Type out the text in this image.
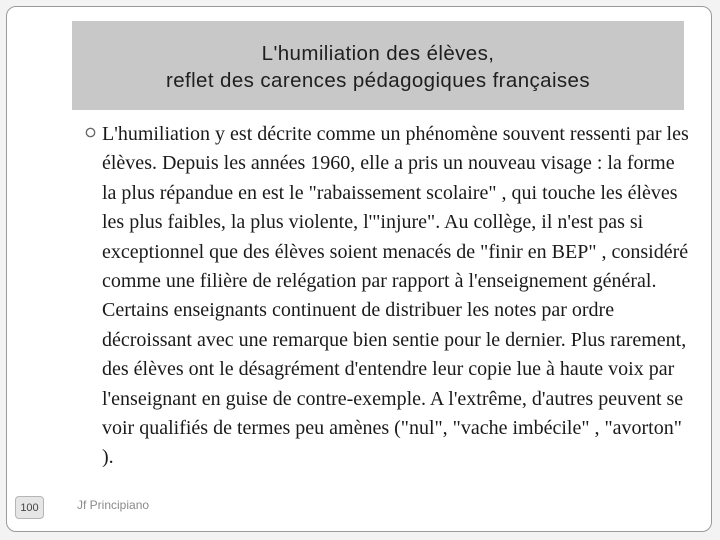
L'humiliation des élèves,
reflet des carences pédagogiques françaises
L'humiliation y est décrite comme un phénomène souvent ressenti par les élèves. Depuis les années 1960, elle a pris un nouveau visage : la forme la plus répandue en est le "rabaissement scolaire" , qui touche les élèves les plus faibles, la plus violente, l'"injure". Au collège, il n'est pas si exceptionnel que des élèves soient menacés de "finir en BEP" , considéré comme une filière de relégation par rapport à l'enseignement général. Certains enseignants continuent de distribuer les notes par ordre décroissant avec une remarque bien sentie pour le dernier. Plus rarement, des élèves ont le désagrément d'entendre leur copie lue à haute voix par l'enseignant en guise de contre-exemple. A l'extrême, d'autres peuvent se voir qualifiés de termes peu amènes ("nul", "vache imbécile" , "avorton" ).
100	Jf Principiano
